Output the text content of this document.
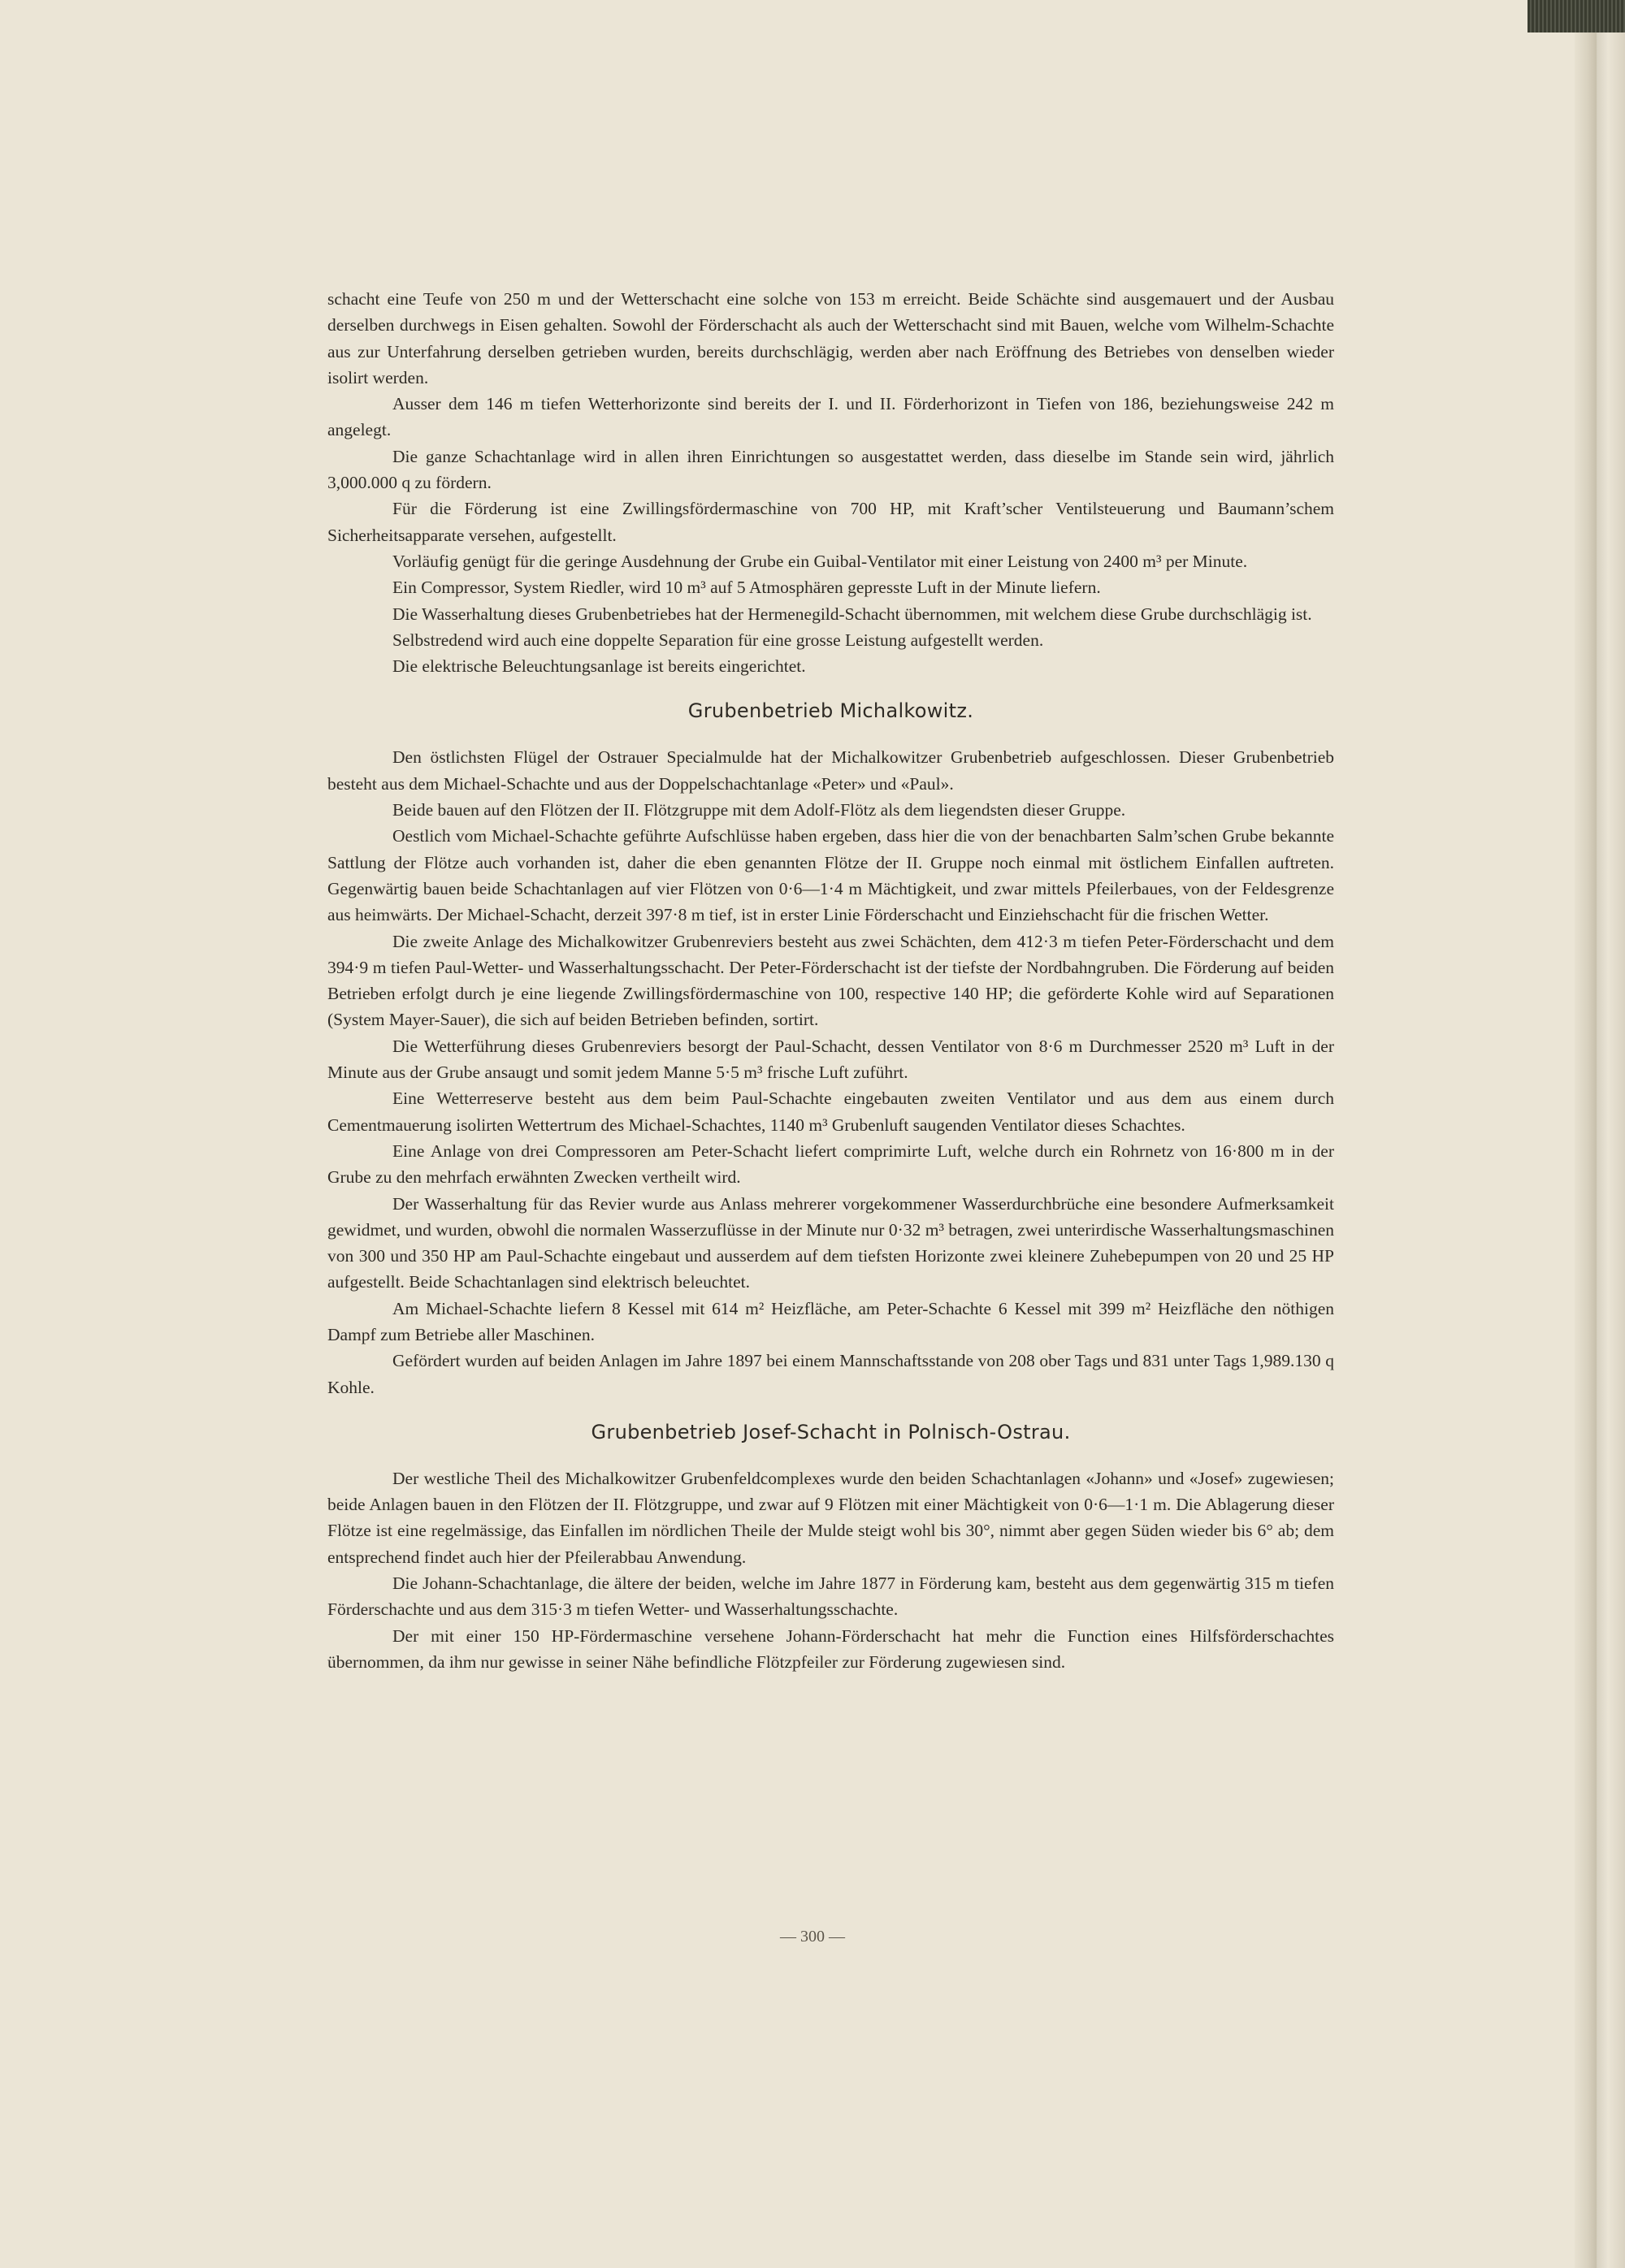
schacht eine Teufe von 250 m und der Wetterschacht eine solche von 153 m erreicht. Beide Schächte sind ausgemauert und der Ausbau derselben durchwegs in Eisen gehalten. Sowohl der Förderschacht als auch der Wetterschacht sind mit Bauen, welche vom Wilhelm-Schachte aus zur Unterfahrung derselben getrieben wurden, bereits durchschlägig, werden aber nach Eröffnung des Betriebes von denselben wieder isolirt werden.

Ausser dem 146 m tiefen Wetterhorizonte sind bereits der I. und II. Förderhorizont in Tiefen von 186, beziehungsweise 242 m angelegt.

Die ganze Schachtanlage wird in allen ihren Einrichtungen so ausgestattet werden, dass dieselbe im Stande sein wird, jährlich 3,000.000 q zu fördern.

Für die Förderung ist eine Zwillingsfördermaschine von 700 HP, mit Kraft’scher Ventilsteuerung und Baumann’schem Sicherheitsapparate versehen, aufgestellt.

Vorläufig genügt für die geringe Ausdehnung der Grube ein Guibal-Ventilator mit einer Leistung von 2400 m³ per Minute.

Ein Compressor, System Riedler, wird 10 m³ auf 5 Atmosphären gepresste Luft in der Minute liefern.

Die Wasserhaltung dieses Grubenbetriebes hat der Hermenegild-Schacht übernommen, mit welchem diese Grube durchschlägig ist.

Selbstredend wird auch eine doppelte Separation für eine grosse Leistung aufgestellt werden.

Die elektrische Beleuchtungsanlage ist bereits eingerichtet.

Grubenbetrieb Michalkowitz.

Den östlichsten Flügel der Ostrauer Specialmulde hat der Michalkowitzer Grubenbetrieb aufgeschlossen. Dieser Grubenbetrieb besteht aus dem Michael-Schachte und aus der Doppelschachtanlage «Peter» und «Paul».

Beide bauen auf den Flötzen der II. Flötzgruppe mit dem Adolf-Flötz als dem liegendsten dieser Gruppe.

Oestlich vom Michael-Schachte geführte Aufschlüsse haben ergeben, dass hier die von der benachbarten Salm’schen Grube bekannte Sattlung der Flötze auch vorhanden ist, daher die eben genannten Flötze der II. Gruppe noch einmal mit östlichem Einfallen auftreten. Gegenwärtig bauen beide Schachtanlagen auf vier Flötzen von 0·6—1·4 m Mächtigkeit, und zwar mittels Pfeilerbaues, von der Feldesgrenze aus heimwärts. Der Michael-Schacht, derzeit 397·8 m tief, ist in erster Linie Förderschacht und Einziehschacht für die frischen Wetter.

Die zweite Anlage des Michalkowitzer Grubenreviers besteht aus zwei Schächten, dem 412·3 m tiefen Peter-Förderschacht und dem 394·9 m tiefen Paul-Wetter- und Wasserhaltungsschacht. Der Peter-Förderschacht ist der tiefste der Nordbahngruben. Die Förderung auf beiden Betrieben erfolgt durch je eine liegende Zwillingsfördermaschine von 100, respective 140 HP; die geförderte Kohle wird auf Separationen (System Mayer-Sauer), die sich auf beiden Betrieben befinden, sortirt.

Die Wetterführung dieses Grubenreviers besorgt der Paul-Schacht, dessen Ventilator von 8·6 m Durchmesser 2520 m³ Luft in der Minute aus der Grube ansaugt und somit jedem Manne 5·5 m³ frische Luft zuführt.

Eine Wetterreserve besteht aus dem beim Paul-Schachte eingebauten zweiten Ventilator und aus dem aus einem durch Cementmauerung isolirten Wettertrum des Michael-Schachtes, 1140 m³ Grubenluft saugenden Ventilator dieses Schachtes.

Eine Anlage von drei Compressoren am Peter-Schacht liefert comprimirte Luft, welche durch ein Rohrnetz von 16·800 m in der Grube zu den mehrfach erwähnten Zwecken vertheilt wird.

Der Wasserhaltung für das Revier wurde aus Anlass mehrerer vorgekommener Wasserdurchbrüche eine besondere Aufmerksamkeit gewidmet, und wurden, obwohl die normalen Wasserzuflüsse in der Minute nur 0·32 m³ betragen, zwei unterirdische Wasserhaltungsmaschinen von 300 und 350 HP am Paul-Schachte eingebaut und ausserdem auf dem tiefsten Horizonte zwei kleinere Zuhebepumpen von 20 und 25 HP aufgestellt. Beide Schachtanlagen sind elektrisch beleuchtet.

Am Michael-Schachte liefern 8 Kessel mit 614 m² Heizfläche, am Peter-Schachte 6 Kessel mit 399 m² Heizfläche den nöthigen Dampf zum Betriebe aller Maschinen.

Gefördert wurden auf beiden Anlagen im Jahre 1897 bei einem Mannschaftsstande von 208 ober Tags und 831 unter Tags 1,989.130 q Kohle.

Grubenbetrieb Josef-Schacht in Polnisch-Ostrau.

Der westliche Theil des Michalkowitzer Grubenfeldcomplexes wurde den beiden Schachtanlagen «Johann» und «Josef» zugewiesen; beide Anlagen bauen in den Flötzen der II. Flötzgruppe, und zwar auf 9 Flötzen mit einer Mächtigkeit von 0·6—1·1 m. Die Ablagerung dieser Flötze ist eine regelmässige, das Einfallen im nördlichen Theile der Mulde steigt wohl bis 30°, nimmt aber gegen Süden wieder bis 6° ab; dem entsprechend findet auch hier der Pfeilerabbau Anwendung.

Die Johann-Schachtanlage, die ältere der beiden, welche im Jahre 1877 in Förderung kam, besteht aus dem gegenwärtig 315 m tiefen Förderschachte und aus dem 315·3 m tiefen Wetter- und Wasserhaltungsschachte.

Der mit einer 150 HP-Fördermaschine versehene Johann-Förderschacht hat mehr die Function eines Hilfsförderschachtes übernommen, da ihm nur gewisse in seiner Nähe befindliche Flötzpfeiler zur Förderung zugewiesen sind.

— 300 —
